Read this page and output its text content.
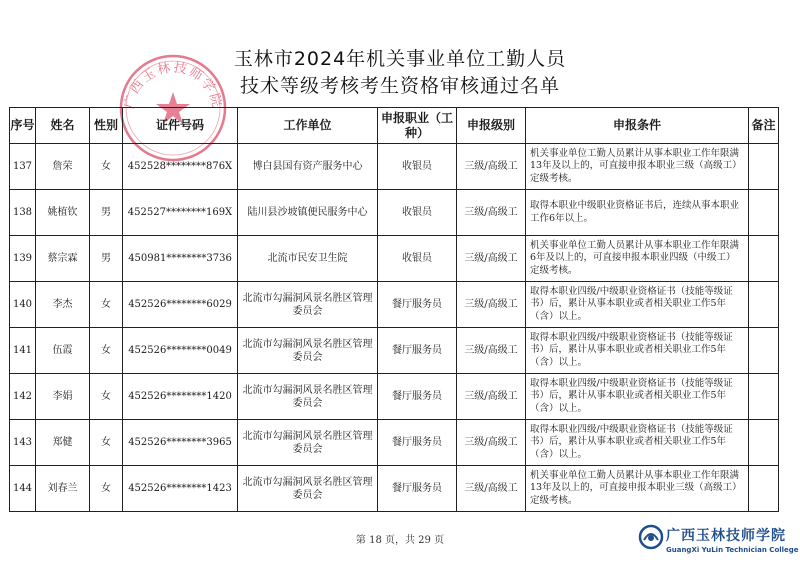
玉林市2024年机关事业单位工勤人员
技术等级考核考生资格审核通过名单
广西玉林技师学院
序号	姓名	性别	证件号码	工作单位	申报职业（工种）	申报级别	申报条件	备注
137	詹荣	女	452528********876X	博白县国有资产服务中心	收银员	三级/高级工	机关事业单位工勤人员累计从事本职业工作年限满13年及以上的，可直接申报本职业三级（高级工）定级考核。	
138	姚植钦	男	452527********169X	陆川县沙坡镇便民服务中心	收银员	三级/高级工	取得本职业中级职业资格证书后，连续从事本职业工作6年以上。	
139	蔡宗霖	男	450981********3736	北流市民安卫生院	收银员	三级/高级工	机关事业单位工勤人员累计从事本职业工作年限满6年及以上的，可直接申报本职业四级（中级工）定级考核。	
140	李杰	女	452526********6029	北流市勾漏洞风景名胜区管理委员会	餐厅服务员	三级/高级工	取得本职业四级/中级职业资格证书（技能等级证书）后，累计从事本职业或者相关职业工作5年（含）以上。	
141	伍霞	女	452526********0049	北流市勾漏洞风景名胜区管理委员会	餐厅服务员	三级/高级工	取得本职业四级/中级职业资格证书（技能等级证书）后，累计从事本职业或者相关职业工作5年（含）以上。	
142	李娟	女	452526********1420	北流市勾漏洞风景名胜区管理委员会	餐厅服务员	三级/高级工	取得本职业四级/中级职业资格证书（技能等级证书）后，累计从事本职业或者相关职业工作5年（含）以上。	
143	郑健	女	452526********3965	北流市勾漏洞风景名胜区管理委员会	餐厅服务员	三级/高级工	取得本职业四级/中级职业资格证书（技能等级证书）后，累计从事本职业或者相关职业工作5年（含）以上。	
144	刘春兰	女	452526********1423	北流市勾漏洞风景名胜区管理委员会	餐厅服务员	三级/高级工	机关事业单位工勤人员累计从事本职业工作年限满13年及以上的，可直接申报本职业三级（高级工）定级考核。	
第 18 页，共 29 页	广西玉林技师学院
GuangXi YuLin Technician College
